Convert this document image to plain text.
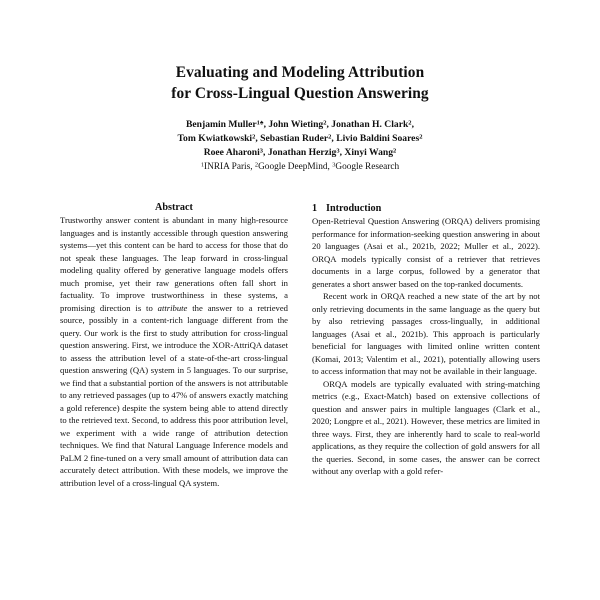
Evaluating and Modeling Attribution
for Cross-Lingual Question Answering
Benjamin Muller$^{1♠}$, John Wieting$^2$, Jonathan H. Clark$^2$,
Tom Kwiatkowski$^2$, Sebastian Ruder$^2$, Livio Baldini Soares$^2$
Roee Aharoni$^3$, Jonathan Herzig$^3$, Xinyi Wang$^2$
$^1$INRIA Paris, $^2$Google DeepMind, $^3$Google Research
Abstract

Trustworthy answer content is abundant in many high-resource languages and is instantly accessible through question answering systems—yet this content can be hard to access for those that do not speak these languages. The leap forward in cross-lingual modeling quality offered by generative language models offers much promise, yet their raw generations often fall short in factuality. To improve trustworthiness in these systems, a promising direction is to attribute the answer to a retrieved source, possibly in a content-rich language different from the query. Our work is the first to study attribution for cross-lingual question answering. First, we introduce the XOR-AttriQA dataset to assess the attribution level of a state-of-the-art cross-lingual question answering (QA) system in 5 languages. To our surprise, we find that a substantial portion of the answers is not attributable to any retrieved passages (up to 47% of answers exactly matching a gold reference) despite the system being able to attend directly to the retrieved text. Second, to address this poor attribution level, we experiment with a wide range of attribution detection techniques. We find that Natural Language Inference models and PaLM 2 fine-tuned on a very small amount of attribution data can accurately detect attribution. With these models, we improve the attribution level of a cross-lingual QA system.

1 Introduction

Open-Retrieval Question Answering (ORQA) delivers promising performance for information-seeking question answering in about 20 languages (Asai et al., 2021b, 2022; Muller et al., 2022). ORQA models typically consist of a retriever that retrieves documents in a large corpus, followed by a generator that generates a short answer based on the top-ranked documents.

Recent work in ORQA reached a new state of the art by not only retrieving documents in the same language as the query but by also retrieving passages cross-lingually, in additional languages (Asai et al., 2021b). This approach is particularly beneficial for languages with limited online written content (Komai, 2013; Valentim et al., 2021), potentially allowing users to access information that may not be available in their language.

ORQA models are typically evaluated with string-matching metrics (e.g., Exact-Match) based on extensive collections of question and answer pairs in multiple languages (Clark et al., 2020; Longpre et al., 2021). However, these metrics are limited in three ways. First, they are inherently hard to scale to real-world applications, as they require the collection of gold answers for all the queries. Second, in some cases, the answer can be correct without any overlap with a gold refer-
